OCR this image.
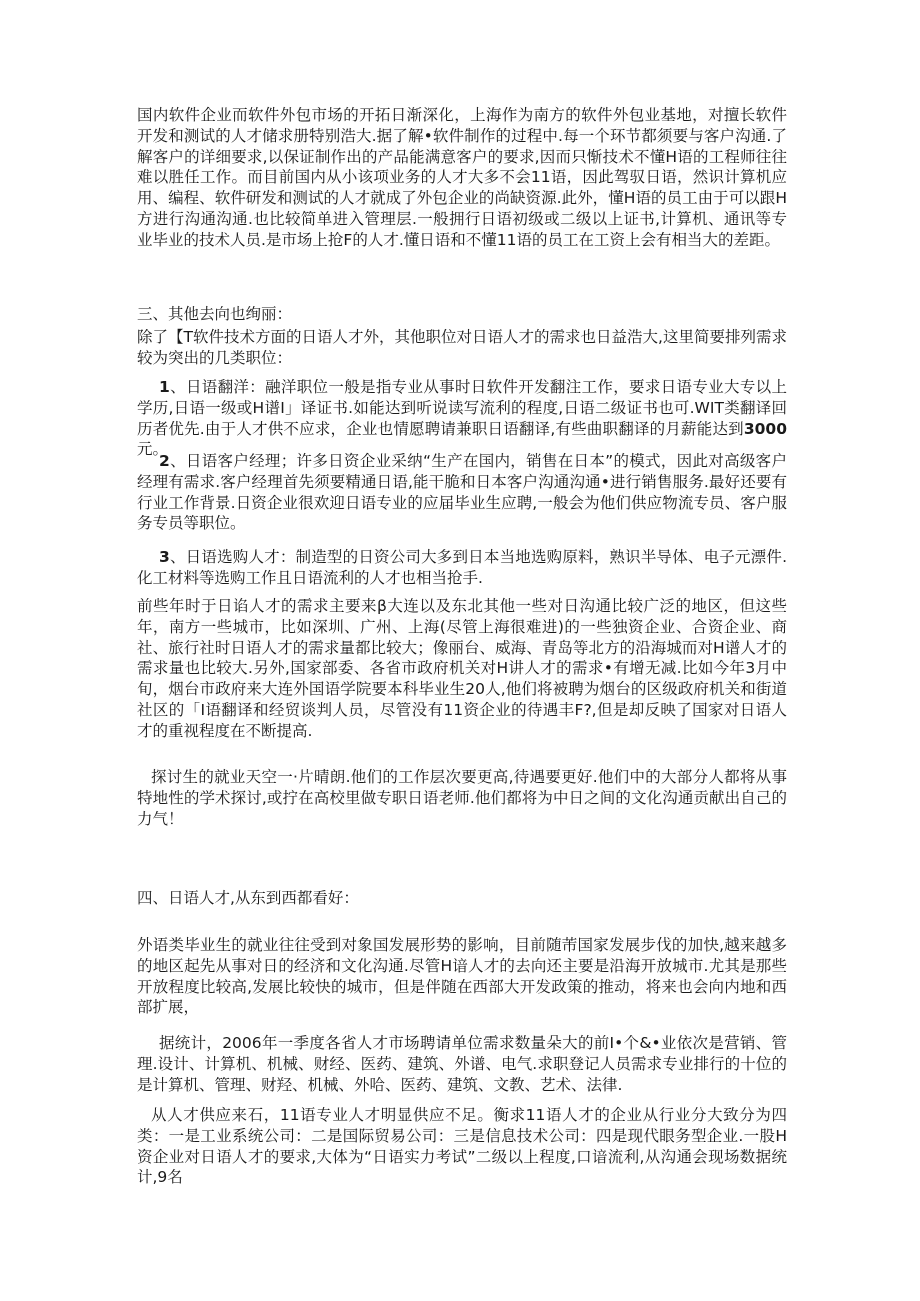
国内软件企业而软件外包市场的开拓日渐深化，上海作为南方的软件外包业基地，对擅长软件开发和测试的人才储求册特别浩大.据了解•软件制作的过程中.每一个环节都须要与客户沟通.了解客户的详细要求,以保证制作出的产品能满意客户的要求,因而只惭技术不懂H语的工程师往往难以胜任工作。而目前国内从小该项业务的人才大多不会11语，因此驾驭日语，然识计算机应用、编程、软件研发和测试的人才就成了外包企业的尚缺资源.此外，懂H语的员工由于可以跟H方进行沟通沟通.也比较简单进入管理层.一般拥行日语初级或二级以上证书,计算机、通讯等专业毕业的技术人员.是市场上抢F的人才.懂日语和不懂11语的员工在工资上会有相当大的差距。

三、其他去向也绚丽：

除了【T软件技术方面的日语人才外，其他职位对日语人才的需求也日益浩大,这里简要排列需求较为突出的几类职位：

1、日语翻洋：融洋职位一般是指专业从事时日软件开发翻注工作，要求日语专业大专以上学历,日语一级或H谱I」译证书.如能达到听说读写流利的程度,日语二级证书也可.WIT类翻译回历者优先.由于人才供不应求，企业也情愿聘请兼职日语翻译,有些曲职翻译的月薪能达到3000元。

2、日语客户经理；许多日资企业采纳“生产在国内，销售在日本”的模式，因此对高级客户经理有需求.客户经理首先须要精通日语,能干脆和日本客户沟通沟通•进行销售服务.最好还要有行业工作背景.日资企业很欢迎日语专业的应届毕业生应聘,一般会为他们供应物流专员、客户服务专员等职位。

3、日语选购人才：制造型的日资公司大多到日本当地选购原料，熟识半导体、电子元漂件.化工材料等选购工作且日语流利的人才也相当抢手.

前些年时于日谄人才的需求主要来β大连以及东北其他一些对日沟通比较广泛的地区，但这些年，南方一些城市，比如深圳、广州、上海(尽管上海很难进)的一些独资企业、合资企业、商社、旅行社时日语人才的需求量都比较大；像丽台、威海、青岛等北方的沿海城而对H谱人才的需求量也比较大.另外,国家部委、各省市政府机关对H讲人才的需求•有增无减.比如今年3月中旬，烟台市政府来大连外国语学院要本科毕业生20人,他们将被聘为烟台的区级政府机关和街道社区的「I语翻译和经贸谈判人员，尽管没有11资企业的待遇丰F?,但是却反映了国家对日语人才的重视程度在不断提高.

探讨生的就业天空一·片晴朗.他们的工作层次要更高,待遇要更好.他们中的大部分人都将从事特地性的学术探讨,或拧在高校里做专职日语老师.他们都将为中日之间的文化沟通贡献出自己的力气！

四、日语人才,从东到西都看好：

外语类毕业生的就业往往受到对象国发展形势的影响，目前随芾国家发展步伐的加快,越来越多的地区起先从事对日的经济和文化沟通.尽管H谙人才的去向还主要是沿海开放城市.尤其是那些开放程度比较高,发展比较快的城市，但是伴随在西部大开发政策的推动，将来也会向内地和西部扩展，

据统计，2006年一季度各省人才市场聘请单位需求数量朵大的前I•个&•业依次是营销、管理.设计、计算机、机械、财经、医药、建筑、外谱、电气.求职登记人员需求专业排行的十位的是计算机、管理、财羟、机械、外哈、医药、建筑、文教、艺术、法律.

从人才供应来石，11语专业人才明显供应不足。衡求11语人才的企业从行业分大致分为四类：一是工业系统公司：二是国际贸易公司：三是信息技术公司：四是现代眼务型企业.一股H资企业对日语人才的要求,大体为“日语实力考试”二级以上程度,口谙流利,从沟通会现场数据统计,9名
